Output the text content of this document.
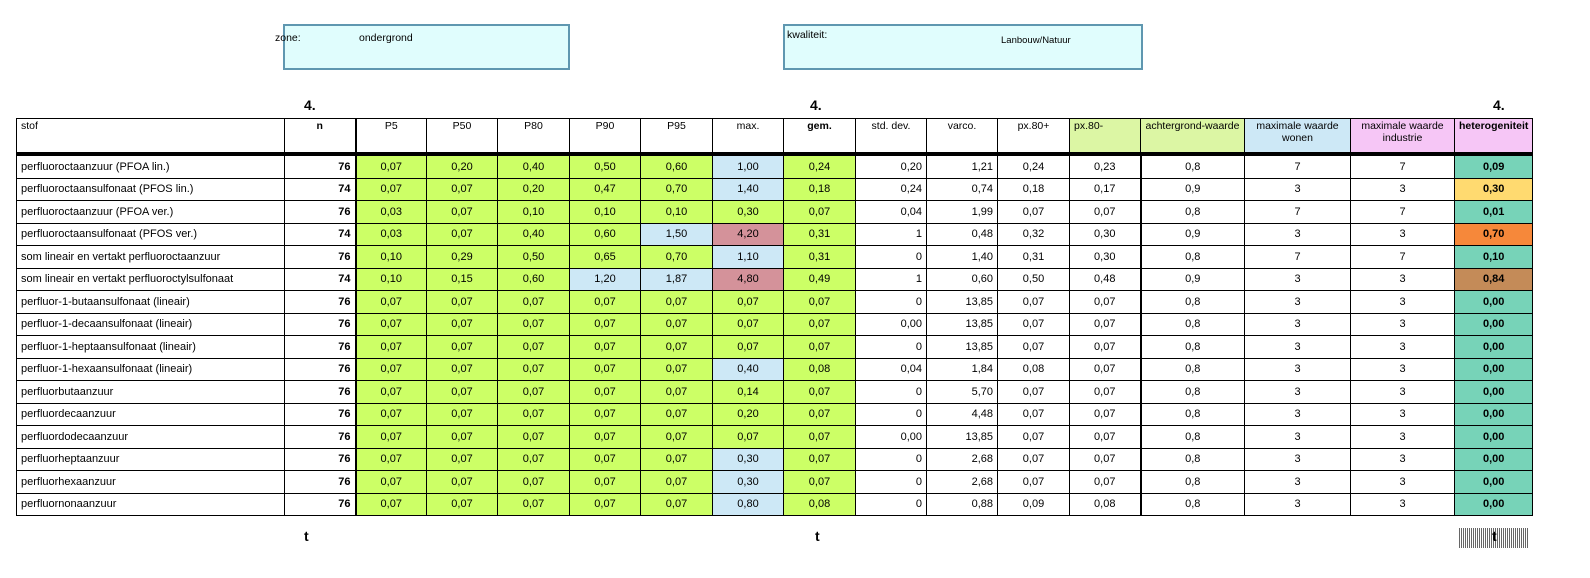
zone:	ondergrond	kwaliteit:	Lanbouw/Natuur
4.	4.	4.
stof	n	P5	P50	P80	P90	P95	max.	gem.	std. dev.	varco.	px.80+	px.80-	achtergrond-waarde	maximale waarde wonen	maximale waarde industrie	heterogeniteit
perfluoroctaanzuur (PFOA lin.)	76	0,07	0,20	0,40	0,50	0,60	1,00	0,24	0,20	1,21	0,24	0,23	0,8	7	7	0,09
perfluoroctaansulfonaat (PFOS lin.)	74	0,07	0,07	0,20	0,47	0,70	1,40	0,18	0,24	0,74	0,18	0,17	0,9	3	3	0,30
perfluoroctaanzuur (PFOA ver.)	76	0,03	0,07	0,10	0,10	0,10	0,30	0,07	0,04	1,99	0,07	0,07	0,8	7	7	0,01
perfluoroctaansulfonaat (PFOS ver.)	74	0,03	0,07	0,40	0,60	1,50	4,20	0,31	1	0,48	0,32	0,30	0,9	3	3	0,70
som lineair en vertakt perfluoroctaanzuur	76	0,10	0,29	0,50	0,65	0,70	1,10	0,31	0	1,40	0,31	0,30	0,8	7	7	0,10
som lineair en vertakt perfluoroctylsulfonaat	74	0,10	0,15	0,60	1,20	1,87	4,80	0,49	1	0,60	0,50	0,48	0,9	3	3	0,84
perfluor-1-butaansulfonaat (lineair)	76	0,07	0,07	0,07	0,07	0,07	0,07	0,07	0	13,85	0,07	0,07	0,8	3	3	0,00
perfluor-1-decaansulfonaat (lineair)	76	0,07	0,07	0,07	0,07	0,07	0,07	0,07	0,00	13,85	0,07	0,07	0,8	3	3	0,00
perfluor-1-heptaansulfonaat (lineair)	76	0,07	0,07	0,07	0,07	0,07	0,07	0,07	0	13,85	0,07	0,07	0,8	3	3	0,00
perfluor-1-hexaansulfonaat (lineair)	76	0,07	0,07	0,07	0,07	0,07	0,40	0,08	0,04	1,84	0,08	0,07	0,8	3	3	0,00
perfluorbutaanzuur	76	0,07	0,07	0,07	0,07	0,07	0,14	0,07	0	5,70	0,07	0,07	0,8	3	3	0,00
perfluordecaanzuur	76	0,07	0,07	0,07	0,07	0,07	0,20	0,07	0	4,48	0,07	0,07	0,8	3	3	0,00
perfluordodecaanzuur	76	0,07	0,07	0,07	0,07	0,07	0,07	0,07	0,00	13,85	0,07	0,07	0,8	3	3	0,00
perfluorheptaanzuur	76	0,07	0,07	0,07	0,07	0,07	0,30	0,07	0	2,68	0,07	0,07	0,8	3	3	0,00
perfluorhexaanzuur	76	0,07	0,07	0,07	0,07	0,07	0,30	0,07	0	2,68	0,07	0,07	0,8	3	3	0,00
perfluornonaanzuur	76	0,07	0,07	0,07	0,07	0,07	0,80	0,08	0	0,88	0,09	0,08	0,8	3	3	0,00
t	t	t
